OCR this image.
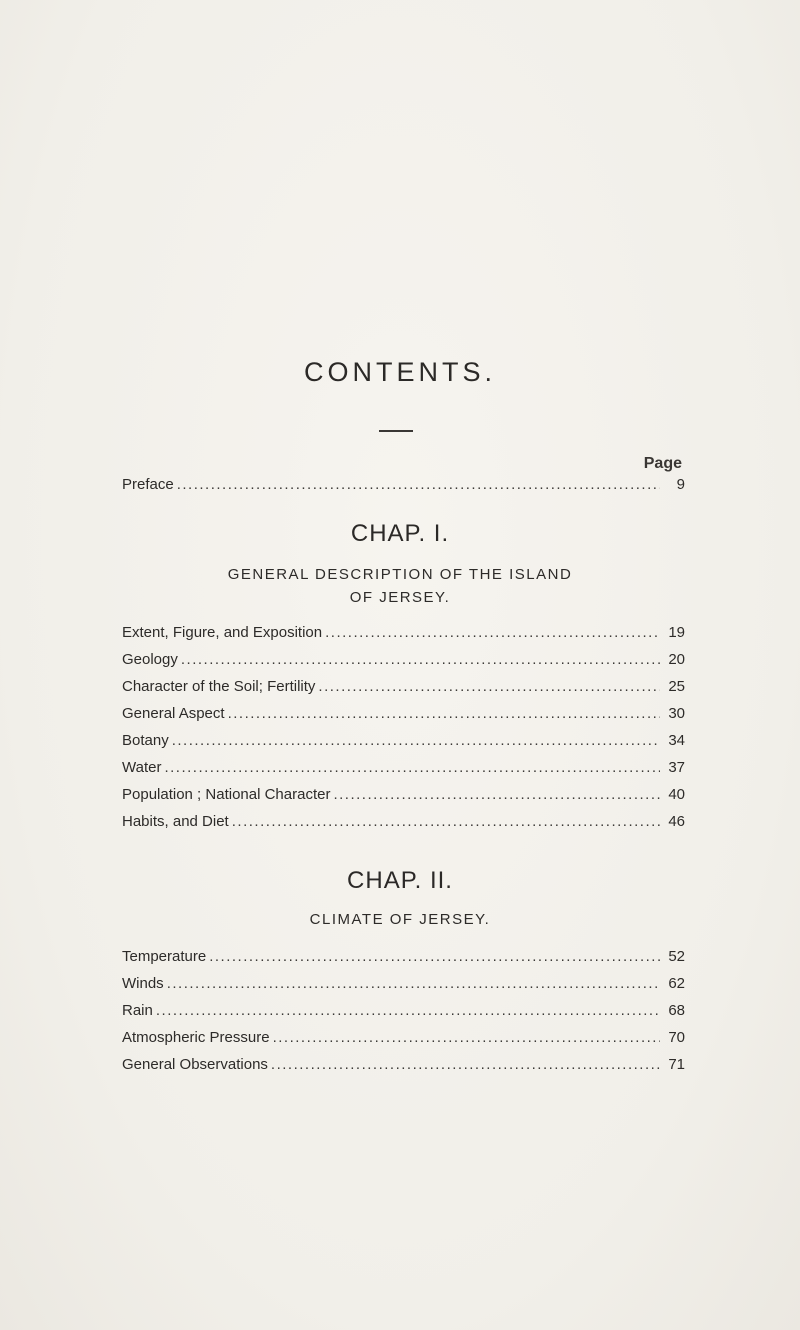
CONTENTS.
Page
Preface .....	9
CHAP. I.
GENERAL DESCRIPTION OF THE ISLAND
OF JERSEY.
Extent, Figure, and Exposition .....	19
Geology .....	20
Character of the Soil; Fertility .....	25
General Aspect .....	30
Botany .....	34
Water .....	37
Population ; National Character .....	40
Habits, and Diet .....	46
CHAP. II.
CLIMATE OF JERSEY.
Temperature .....	52
Winds .....	62
Rain .....	68
Atmospheric Pressure .....	70
General Observations .....	71
